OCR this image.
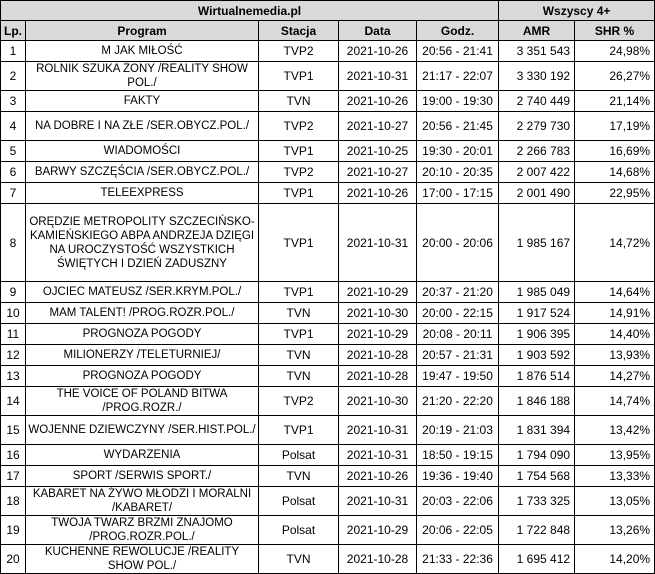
Wirtualnemedia.pl					Wszyscy 4+	
Lp.	Program	Stacja	Data	Godz.	AMR	SHR %
1	M JAK MIŁOŚĆ	TVP2	2021-10-26	20:56 - 21:41	3 351 543	24,98%
2	ROLNIK SZUKA ŻONY /REALITY SHOW POL./	TVP1	2021-10-31	21:17 - 22:07	3 330 192	26,27%
3	FAKTY	TVN	2021-10-26	19:00 - 19:30	2 740 449	21,14%
4	NA DOBRE I NA ZŁE /SER.OBYCZ.POL./	TVP2	2021-10-27	20:56 - 21:45	2 279 730	17,19%
5	WIADOMOŚCI	TVP1	2021-10-25	19:30 - 20:01	2 266 783	16,69%
6	BARWY SZCZĘŚCIA /SER.OBYCZ.POL./	TVP2	2021-10-27	20:10 - 20:35	2 007 422	14,68%
7	TELEEXPRESS	TVP1	2021-10-26	17:00 - 17:15	2 001 490	22,95%
8	ORĘDZIE METROPOLITY SZCZECIŃSKO-KAMIEŃSKIEGO ABPA ANDRZEJA DZIĘGI NA UROCZYSTOŚĆ WSZYSTKICH ŚWIĘTYCH I DZIEŃ ZADUSZNY	TVP1	2021-10-31	20:00 - 20:06	1 985 167	14,72%
9	OJCIEC MATEUSZ /SER.KRYM.POL./	TVP1	2021-10-29	20:37 - 21:20	1 985 049	14,64%
10	MAM TALENT! /PROG.ROZR.POL./	TVN	2021-10-30	20:00 - 22:15	1 917 524	14,91%
11	PROGNOZA POGODY	TVP1	2021-10-29	20:08 - 20:11	1 906 395	14,40%
12	MILIONERZY /TELETURNIEJ/	TVN	2021-10-28	20:57 - 21:31	1 903 592	13,93%
13	PROGNOZA POGODY	TVN	2021-10-28	19:47 - 19:50	1 876 514	14,27%
14	THE VOICE OF POLAND BITWA /PROG.ROZR./	TVP2	2021-10-30	21:20 - 22:20	1 846 188	14,74%
15	WOJENNE DZIEWCZYNY /SER.HIST.POL./	TVP1	2021-10-31	20:19 - 21:03	1 831 394	13,42%
16	WYDARZENIA	Polsat	2021-10-31	18:50 - 19:15	1 794 090	13,95%
17	SPORT /SERWIS SPORT./	TVN	2021-10-26	19:36 - 19:40	1 754 568	13,33%
18	KABARET NA ŻYWO MŁODZI I MORALNI /KABARET/	Polsat	2021-10-31	20:03 - 22:06	1 733 325	13,05%
19	TWOJA TWARZ BRZMI ZNAJOMO /PROG.ROZR.POL./	Polsat	2021-10-29	20:06 - 22:05	1 722 848	13,26%
20	KUCHENNE REWOLUCJE /REALITY SHOW POL./	TVN	2021-10-28	21:33 - 22:36	1 695 412	14,20%
